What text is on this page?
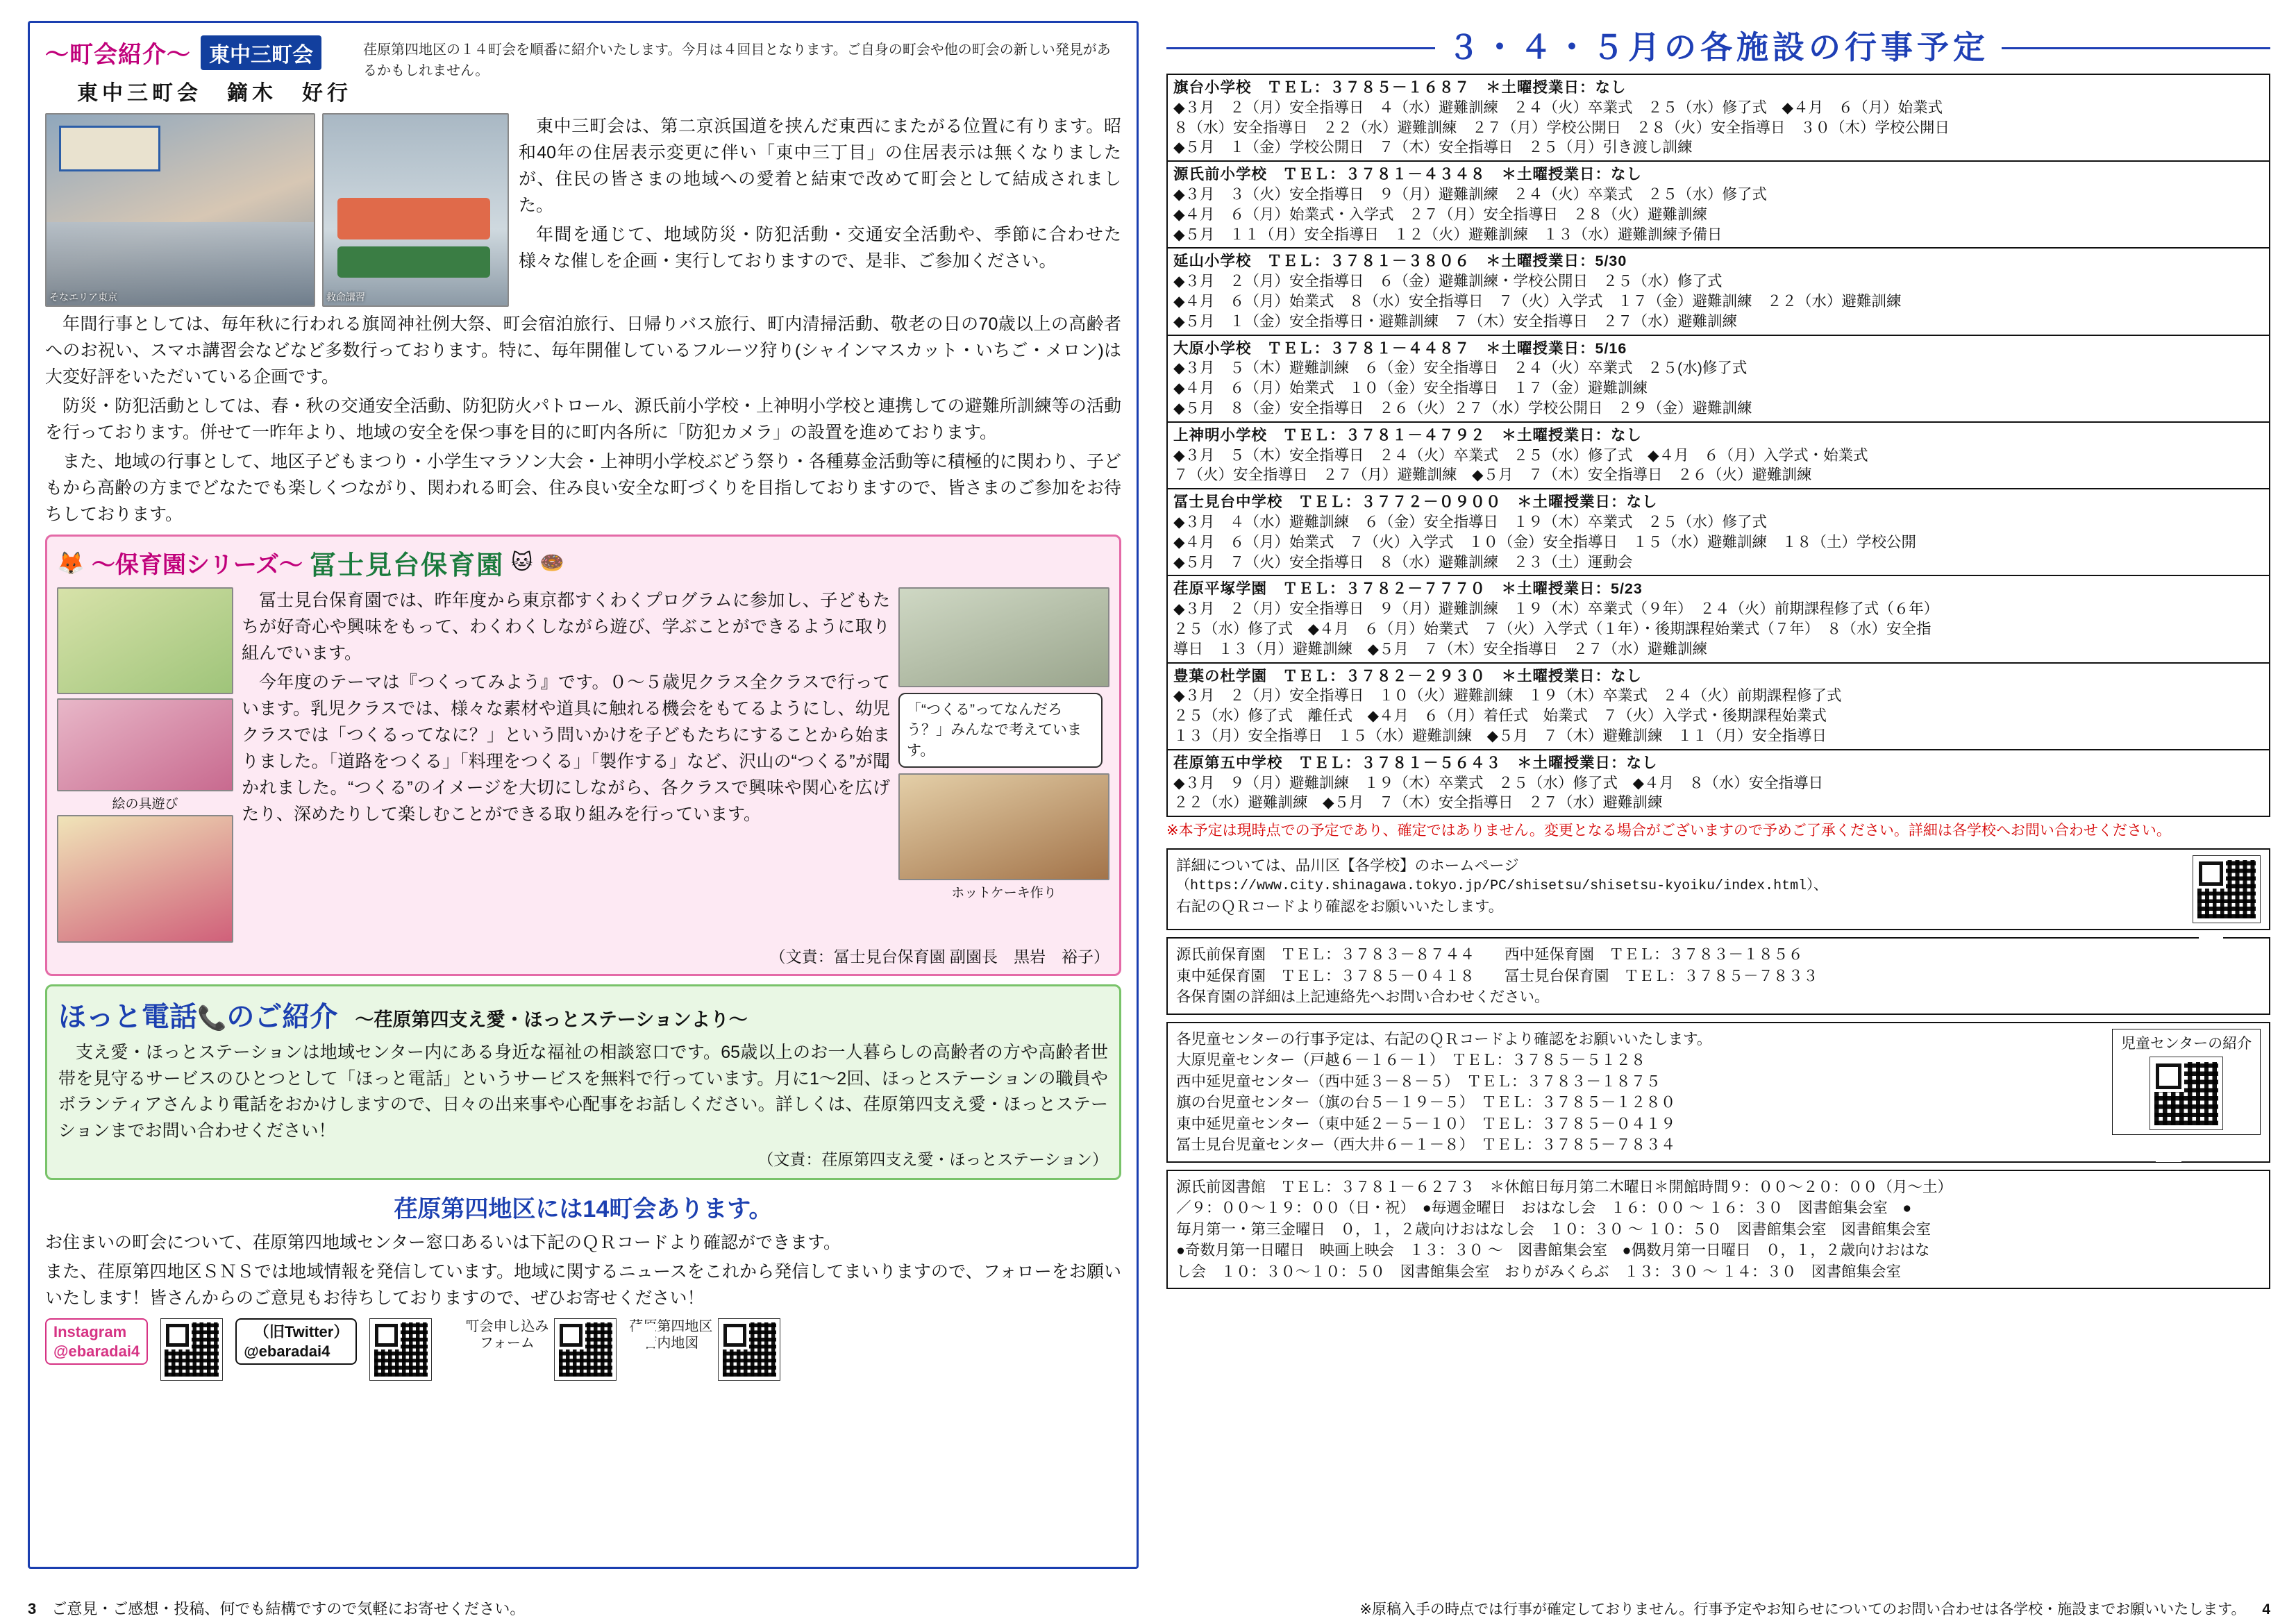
～町会紹介～ 東中三町会
東中三町会　鏑木　好行
荏原第四地区の１４町会を順番に紹介いたします。今月は４回目となります。ご自身の町会や他の町会の新しい発見があるかもしれません。
そなエリア東京	救命講習

東中三町会は、第二京浜国道を挟んだ東西にまたがる位置に有ります。昭和40年の住居表示変更に伴い「東中三丁目」の住居表示は無くなりましたが、住民の皆さまの地域への愛着と結束で改めて町会として結成されました。

年間を通じて、地域防災・防犯活動・交通安全活動や、季節に合わせた様々な催しを企画・実行しておりますので、是非、ご参加ください。

年間行事としては、毎年秋に行われる旗岡神社例大祭、町会宿泊旅行、日帰りバス旅行、町内清掃活動、敬老の日の70歳以上の高齢者へのお祝い、スマホ講習会などなど多数行っております。特に、毎年開催しているフルーツ狩り(シャインマスカット・いちご・メロン)は大変好評をいただいている企画です。

防災・防犯活動としては、春・秋の交通安全活動、防犯防火パトロール、源氏前小学校・上神明小学校と連携しての避難所訓練等の活動を行っております。併せて一昨年より、地域の安全を保つ事を目的に町内各所に「防犯カメラ」の設置を進めております。

また、地域の行事として、地区子どもまつり・小学生マラソン大会・上神明小学校ぶどう祭り・各種募金活動等に積極的に関わり、子どもから高齢の方までどなたでも楽しくつながり、関われる町会、住み良い安全な町づくりを目指しておりますので、皆さまのご参加をお待ちしております。

🦊 ～保育園シリーズ～ 冨士見台保育園 🐱 🍩
絵の具遊び

冨士見台保育園では、昨年度から東京都すくわくプログラムに参加し、子どもたちが好奇心や興味をもって、わくわくしながら遊び、学ぶことができるように取り組んでいます。

今年度のテーマは『つくってみよう』です。０～５歳児クラス全クラスで行っています。乳児クラスでは、様々な素材や道具に触れる機会をもてるようにし、幼児クラスでは「つくるってなに？」という問いかけを子どもたちにすることから始まりました。「道路をつくる」「料理をつくる」「製作する」など、沢山の“つくる”が聞かれました。“つくる”のイメージを大切にしながら、各クラスで興味や関心を広げたり、深めたりして楽しむことができる取り組みを行っています。

「“つくる”ってなんだろう？」みんなで考えています。
ホットケーキ作り
（文責：冨士見台保育園 副園長　黒岩　裕子）
ほっと電話📞のご紹介 ～荏原第四支え愛・ほっとステーションより～
支え愛・ほっとステーションは地域センター内にある身近な福祉の相談窓口です。65歳以上のお一人暮らしの高齢者の方や高齢者世帯を見守るサービスのひとつとして「ほっと電話」というサービスを無料で行っています。月に1～2回、ほっとステーションの職員やボランティアさんより電話をおかけしますので、日々の出来事や心配事をお話しください。詳しくは、荏原第四支え愛・ほっとステーションまでお問い合わせください！
（文責：荏原第四支え愛・ほっとステーション）
荏原第四地区には14町会あります。

お住まいの町会について、荏原第四地域センター窓口あるいは下記のＱＲコードより確認ができます。

また、荏原第四地区ＳＮＳでは地域情報を発信しています。地域に関するニュースをこれから発信してまいりますので、フォローをお願いいたします！皆さんからのご意見もお待ちしておりますので、ぜひお寄せください！

Instagram
@ebaradai4
X（旧Twitter）
@ebaradai4
町会申し込みフォーム
荏原第四地区管内地図
３・４・５月の各施設の行事予定
旗台小学校　ＴＥＬ：３７８５－１６８７　＊土曜授業日：なし
◆３月　２（月）安全指導日　４（水）避難訓練　２４（火）卒業式　２５（水）修了式　◆４月　６（月）始業式
８（水）安全指導日　２２（水）避難訓練　２７（月）学校公開日　２８（火）安全指導日　３０（木）学校公開日
◆５月　１（金）学校公開日　７（木）安全指導日　２５（月）引き渡し訓練

源氏前小学校　ＴＥＬ：３７８１－４３４８　＊土曜授業日：なし
◆３月　３（火）安全指導日　９（月）避難訓練　２４（火）卒業式　２５（水）修了式
◆４月　６（月）始業式・入学式　２７（月）安全指導日　２８（火）避難訓練
◆５月　１１（月）安全指導日　１２（火）避難訓練　１３（水）避難訓練予備日

延山小学校　ＴＥＬ：３７８１－３８０６　＊土曜授業日：5/30
◆３月　２（月）安全指導日　６（金）避難訓練・学校公開日　２５（水）修了式
◆４月　６（月）始業式　８（水）安全指導日　７（火）入学式　１７（金）避難訓練　２２（水）避難訓練
◆５月　１（金）安全指導日・避難訓練　７（木）安全指導日　２７（水）避難訓練

大原小学校　ＴＥＬ：３７８１－４４８７　＊土曜授業日：5/16
◆３月　５（木）避難訓練　６（金）安全指導日　２４（火）卒業式　２５(水)修了式
◆４月　６（月）始業式　１０（金）安全指導日　１７（金）避難訓練
◆５月　８（金）安全指導日　２６（火）２７（水）学校公開日　２９（金）避難訓練

上神明小学校　ＴＥＬ：３７８１－４７９２　＊土曜授業日：なし
◆３月　５（木）安全指導日　２４（火）卒業式　２５（水）修了式　◆４月　６（月）入学式・始業式
７（火）安全指導日　２７（月）避難訓練　◆５月　７（木）安全指導日　２６（火）避難訓練

冨士見台中学校　ＴＥＬ：３７７２－０９００　＊土曜授業日：なし
◆３月　４（水）避難訓練　６（金）安全指導日　１９（木）卒業式　２５（水）修了式
◆４月　６（月）始業式　７（火）入学式　１０（金）安全指導日　１５（水）避難訓練　１８（土）学校公開
◆５月　７（火）安全指導日　８（水）避難訓練　２３（土）運動会

荏原平塚学園　ＴＥＬ：３７８２－７７７０　＊土曜授業日：5/23
◆３月　２（月）安全指導日　９（月）避難訓練　１９（木）卒業式（９年）　２４（火）前期課程修了式（６年）
２５（水）修了式　◆４月　６（月）始業式　７（火）入学式（１年）・後期課程始業式（７年）　８（水）安全指
導日　１３（月）避難訓練　◆５月　７（木）安全指導日　２７（水）避難訓練

豊葉の杜学園　ＴＥＬ：３７８２－２９３０　＊土曜授業日：なし
◆３月　２（月）安全指導日　１０（火）避難訓練　１９（木）卒業式　２４（火）前期課程修了式
２５（水）修了式　離任式　◆４月　６（月）着任式　始業式　７（火）入学式・後期課程始業式
１３（月）安全指導日　１５（水）避難訓練　◆５月　７（木）避難訓練　１１（月）安全指導日

荏原第五中学校　ＴＥＬ：３７８１－５６４３　＊土曜授業日：なし
◆３月　９（月）避難訓練　１９（木）卒業式　２５（水）修了式　◆４月　８（水）安全指導日
２２（水）避難訓練　◆５月　７（木）安全指導日　２７（水）避難訓練
※本予定は現時点での予定であり、確定ではありません。変更となる場合がございますので予めご了承ください。詳細は各学校へお問い合わせください。
詳細については、品川区【各学校】のホームページ
（https://www.city.shinagawa.tokyo.jp/PC/shisetsu/shisetsu-kyoiku/index.html）、
右記のＱＲコードより確認をお願いいたします。
源氏前保育園　ＴＥＬ：３７８３－８７４４　　西中延保育園　ＴＥＬ：３７８３－１８５６
東中延保育園　ＴＥＬ：３７８５－０４１８　　冨士見台保育園　ＴＥＬ：３７８５－７８３３
各保育園の詳細は上記連絡先へお問い合わせください。
各児童センターの行事予定は、右記のＱＲコードより確認をお願いいたします。
大原児童センター（戸越６－１６－１）　ＴＥＬ：３７８５－５１２８
西中延児童センター（西中延３－８－５）　ＴＥＬ：３７８３－１８７５
旗の台児童センター（旗の台５－１９－５）　ＴＥＬ：３７８５－１２８０
東中延児童センター（東中延２－５－１０）　ＴＥＬ：３７８５－０４１９
冨士見台児童センター（西大井６－１－８）　ＴＥＬ：３７８５－７８３４
児童センターの紹介
源氏前図書館　ＴＥＬ：３７８１－６２７３　＊休館日毎月第二木曜日＊開館時間９：００～２０：００（月～土）
／９：００～１９：００（日・祝）　●毎週金曜日　おはなし会　１６：００ ～ １６：３０　図書館集会室　●
毎月第一・第三金曜日　０，１，２歳向けおはなし会　１０：３０ ～ １０：５０　図書館集会室　図書館集会室
●奇数月第一日曜日　映画上映会　１３：３０ ～　図書館集会室　●偶数月第一日曜日　０，１，２歳向けおはな
し会　１０：３０～１０：５０　図書館集会室　おりがみくらぶ　１３：３０ ～ １４：３０　図書館集会室
3 ご意見・ご感想・投稿、何でも結構ですので気軽にお寄せください。	※原稿入手の時点では行事が確定しておりません。行事予定やお知らせについてのお問い合わせは各学校・施設までお願いいたします。 4
